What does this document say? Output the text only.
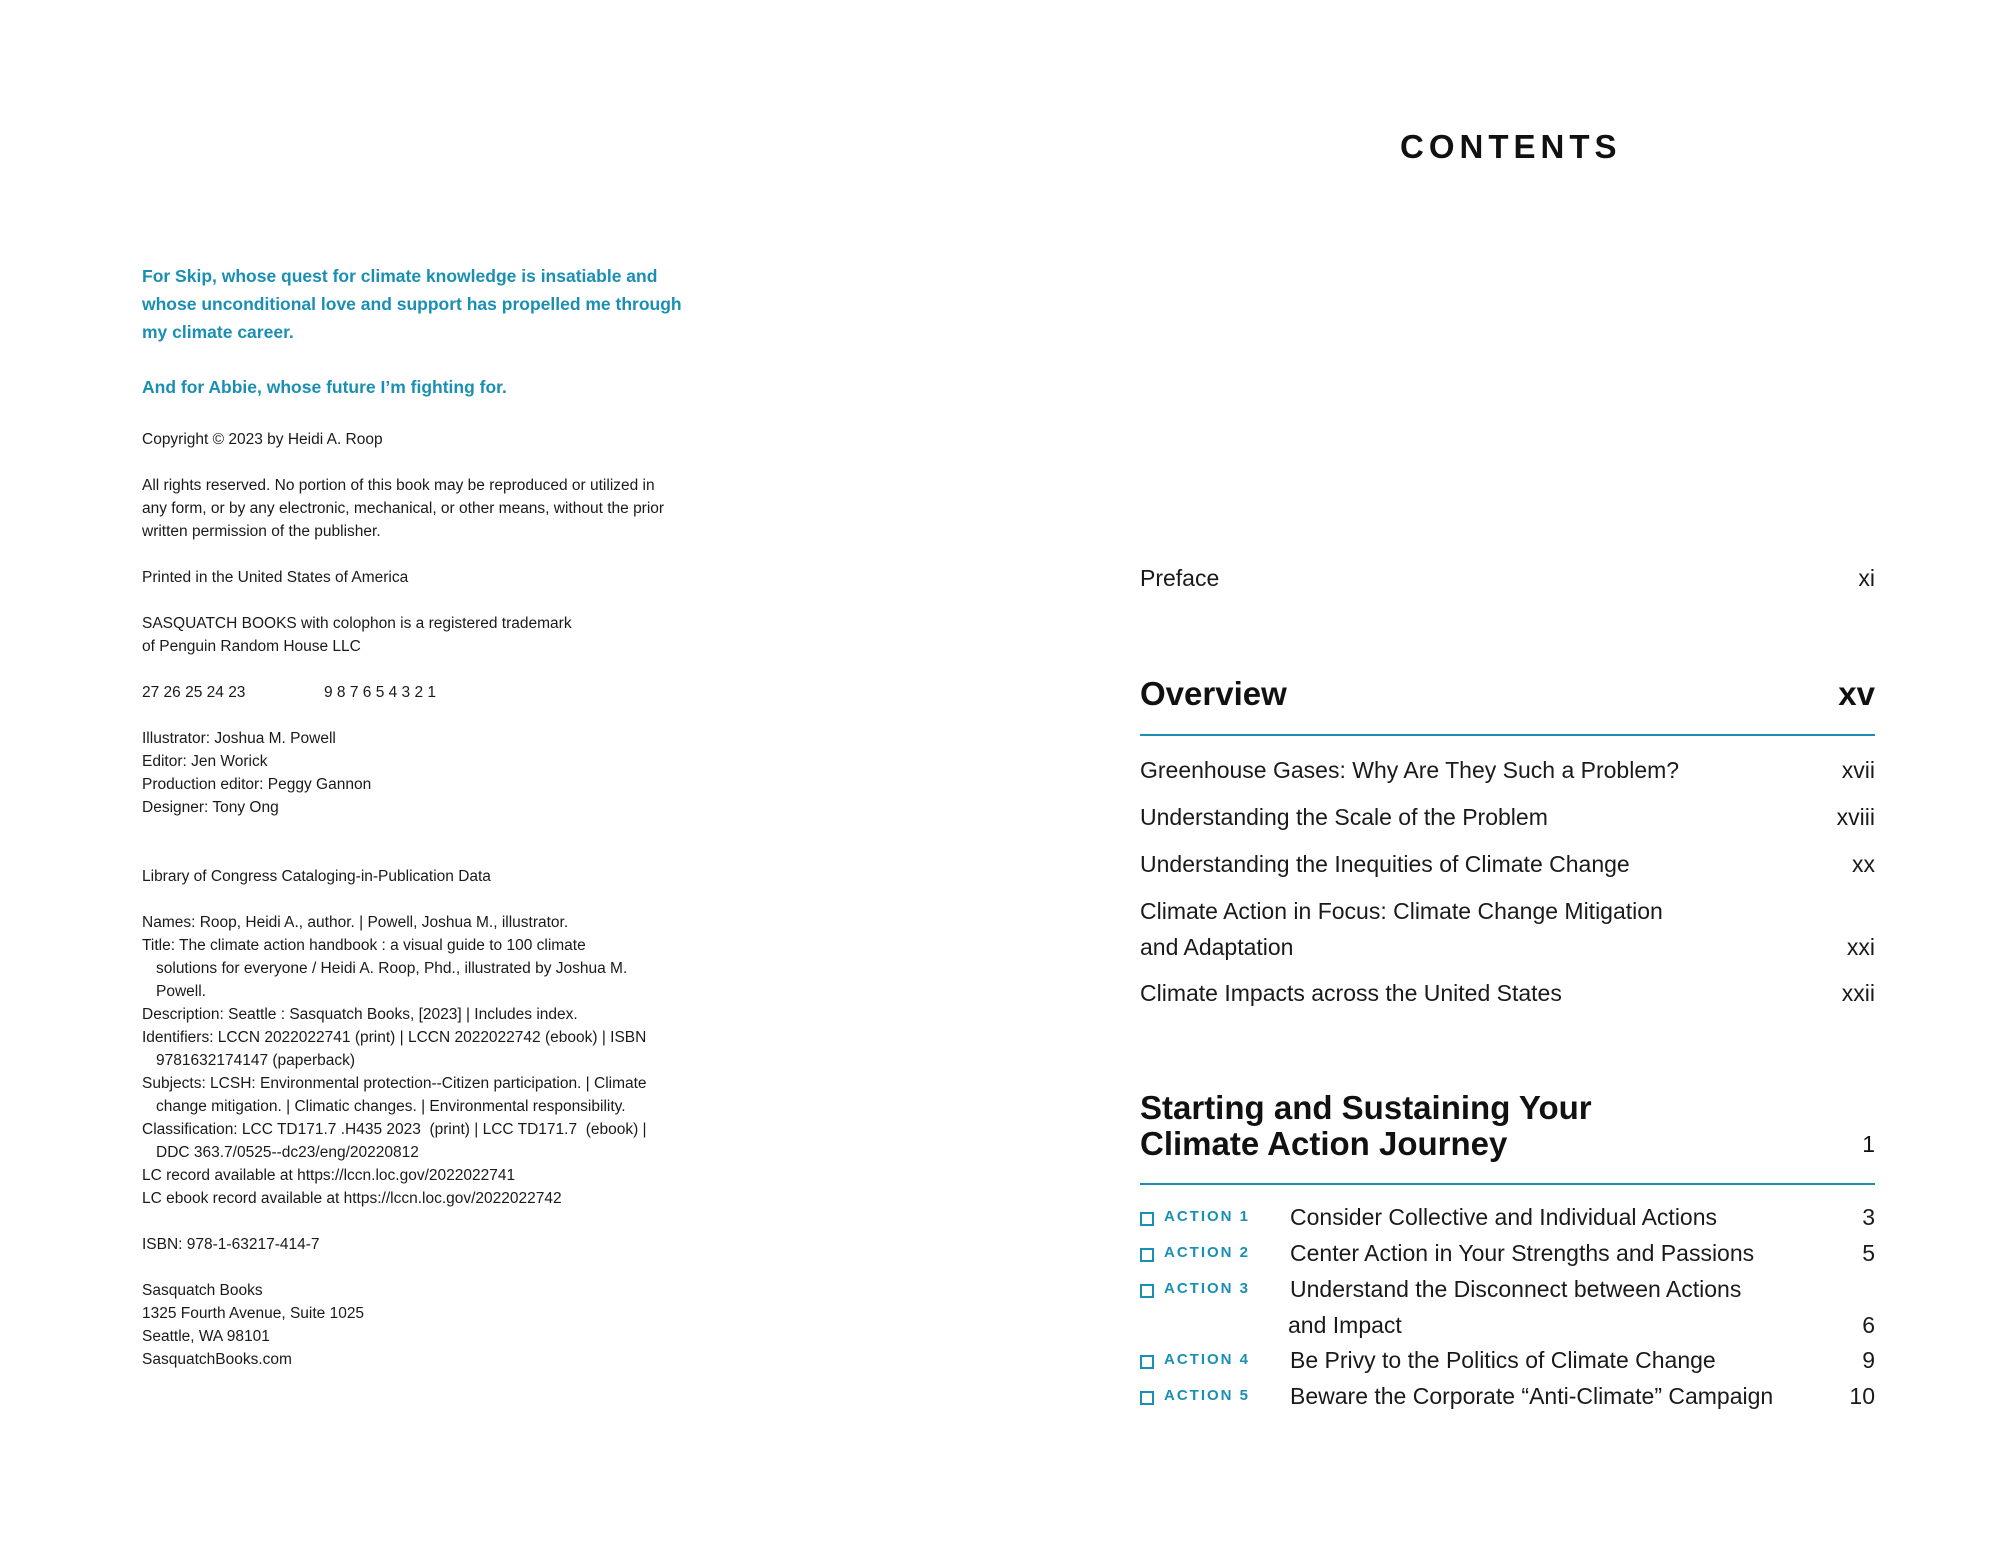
For Skip, whose quest for climate knowledge is insatiable and
whose unconditional love and support has propelled me through
my climate career.

And for Abbie, whose future I’m fighting for.

Copyright © 2023 by Heidi A. Roop
All rights reserved. No portion of this book may be reproduced or utilized in
any form, or by any electronic, mechanical, or other means, without the prior
written permission of the publisher.
Printed in the United States of America
SASQUATCH BOOKS with colophon is a registered trademark
of Penguin Random House LLC
27 26 25 24 23	9 8 7 6 5 4 3 2 1
Illustrator: Joshua M. Powell
Editor: Jen Worick
Production editor: Peggy Gannon
Designer: Tony Ong
Library of Congress Cataloging-in-Publication Data
Names: Roop, Heidi A., author. | Powell, Joshua M., illustrator.
Title: The climate action handbook : a visual guide to 100 climate
solutions for everyone / Heidi A. Roop, Phd., illustrated by Joshua M.
Powell.
Description: Seattle : Sasquatch Books, [2023] | Includes index.
Identifiers: LCCN 2022022741 (print) | LCCN 2022022742 (ebook) | ISBN
9781632174147 (paperback)
Subjects: LCSH: Environmental protection--Citizen participation. | Climate
change mitigation. | Climatic changes. | Environmental responsibility.
Classification: LCC TD171.7 .H435 2023  (print) | LCC TD171.7  (ebook) |
DDC 363.7/0525--dc23/eng/20220812
LC record available at https://lccn.loc.gov/2022022741
LC ebook record available at https://lccn.loc.gov/2022022742
ISBN: 978-1-63217-414-7
Sasquatch Books
1325 Fourth Avenue, Suite 1025
Seattle, WA 98101
SasquatchBooks.com
CONTENTS
Preface	xi
Overview	xv
Greenhouse Gases: Why Are They Such a Problem?	xvii
Understanding the Scale of the Problem	xviii
Understanding the Inequities of Climate Change	xx
Climate Action in Focus: Climate Change Mitigation
and Adaptation	xxi
Climate Impacts across the United States	xxii
Starting and Sustaining Your
Climate Action Journey	1
ACTION 1	Consider Collective and Individual Actions	3
ACTION 2	Center Action in Your Strengths and Passions	5
ACTION 3	Understand the Disconnect between Actions
and Impact	6
ACTION 4	Be Privy to the Politics of Climate Change	9
ACTION 5	Beware the Corporate “Anti-Climate” Campaign	10
